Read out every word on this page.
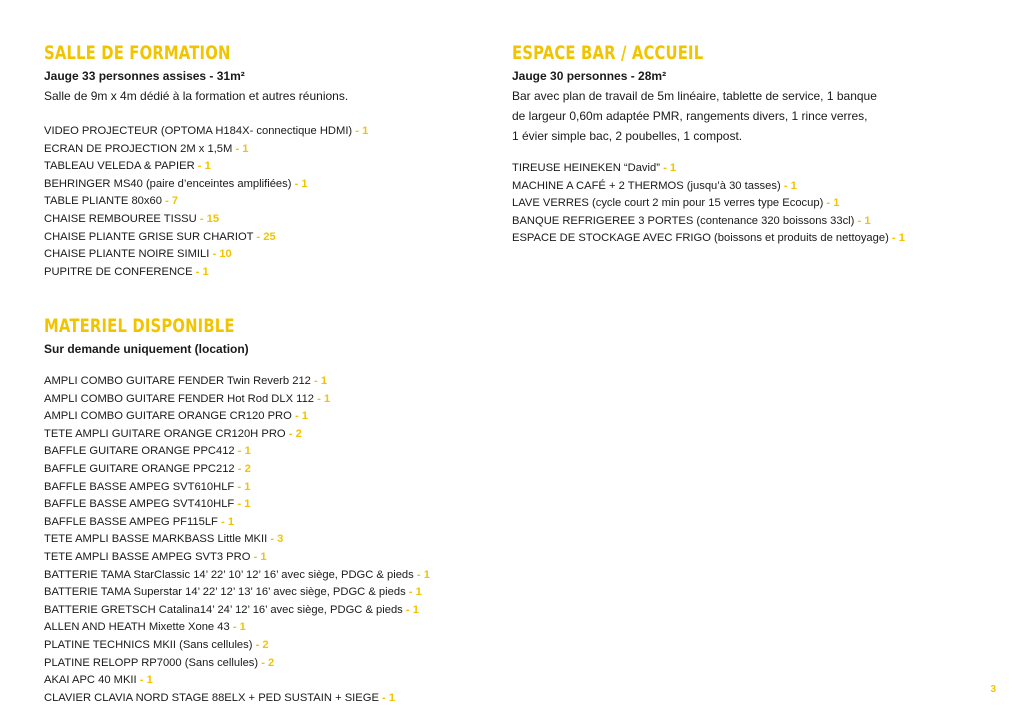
SALLE DE FORMATION

Jauge 33 personnes assises - 31m²

Salle de 9m x 4m dédié à la formation et autres réunions.

VIDEO PROJECTEUR (OPTOMA H184X- connectique HDMI) - 1
ECRAN DE PROJECTION 2M x 1,5M - 1
TABLEAU VELEDA & PAPIER - 1
BEHRINGER MS40 (paire d’enceintes amplifiées) - 1
TABLE PLIANTE 80x60 - 7
CHAISE REMBOUREE TISSU - 15
CHAISE PLIANTE GRISE SUR CHARIOT - 25
CHAISE PLIANTE NOIRE SIMILI - 10
PUPITRE DE CONFERENCE - 1
ESPACE BAR / ACCUEIL

Jauge 30 personnes - 28m²

Bar avec plan de travail de 5m linéaire, tablette de service, 1 banque

de largeur 0,60m adaptée PMR, rangements divers, 1 rince verres,

1 évier simple bac, 2 poubelles, 1 compost.

TIREUSE HEINEKEN “David” - 1
MACHINE A CAFÉ + 2 THERMOS (jusqu’à 30 tasses) - 1
LAVE VERRES (cycle court 2 min pour 15 verres type Ecocup) - 1
BANQUE REFRIGEREE 3 PORTES (contenance 320 boissons 33cl) - 1
ESPACE DE STOCKAGE AVEC FRIGO (boissons et produits de nettoyage) - 1
MATERIEL DISPONIBLE

Sur demande uniquement (location)

AMPLI COMBO GUITARE FENDER Twin Reverb 212 - 1
AMPLI COMBO GUITARE FENDER Hot Rod DLX 112 - 1
AMPLI COMBO GUITARE ORANGE CR120 PRO - 1
TETE AMPLI GUITARE ORANGE CR120H PRO - 2
BAFFLE GUITARE ORANGE PPC412 - 1
BAFFLE GUITARE ORANGE PPC212 - 2
BAFFLE BASSE AMPEG SVT610HLF - 1
BAFFLE BASSE AMPEG SVT410HLF - 1
BAFFLE BASSE AMPEG PF115LF - 1
TETE AMPLI BASSE MARKBASS Little MKII - 3
TETE AMPLI BASSE AMPEG SVT3 PRO - 1
BATTERIE TAMA StarClassic 14’ 22’ 10’ 12’ 16’ avec siège, PDGC & pieds - 1
BATTERIE TAMA Superstar 14’ 22’ 12’ 13’ 16’ avec siège, PDGC & pieds - 1
BATTERIE GRETSCH Catalina14’ 24’ 12’ 16’ avec siège, PDGC & pieds - 1
ALLEN AND HEATH Mixette Xone 43 - 1
PLATINE TECHNICS MKII (Sans cellules) - 2
PLATINE RELOPP RP7000 (Sans cellules) - 2
AKAI APC 40 MKII - 1
CLAVIER CLAVIA NORD STAGE 88ELX + PED SUSTAIN + SIEGE - 1
3
